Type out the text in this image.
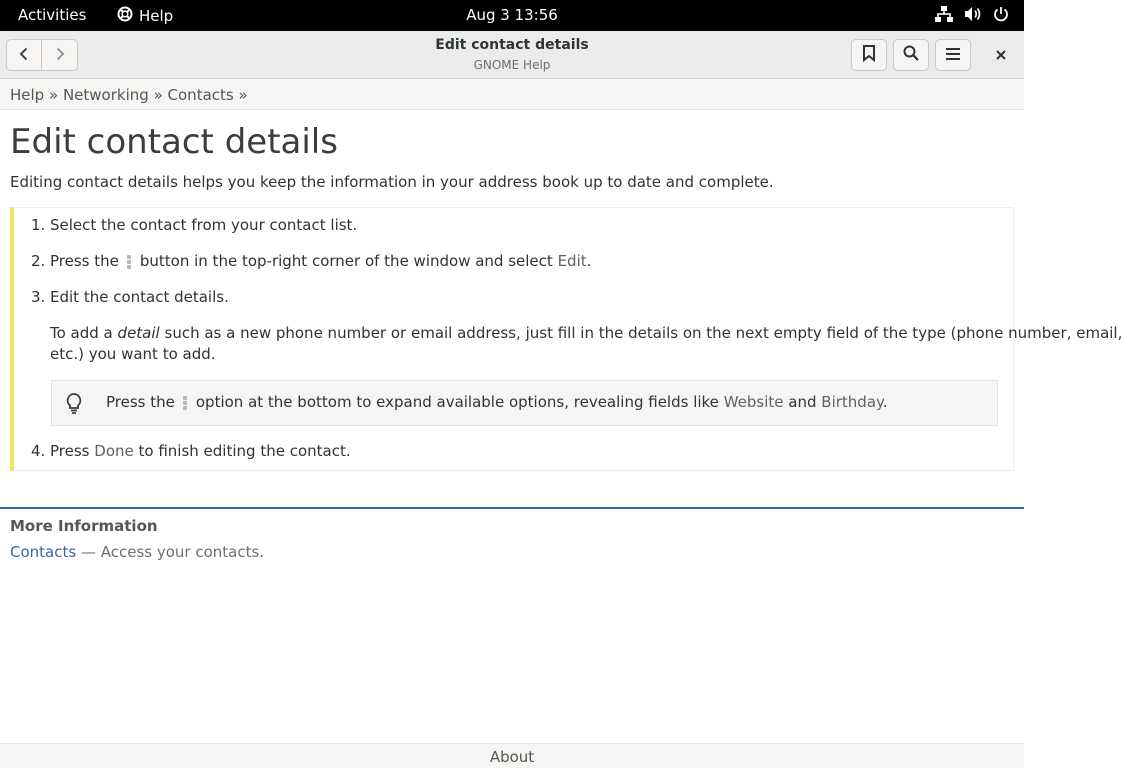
Activities	Help	Aug 3 13:56
Edit contact details
GNOME Help
Help » Networking » Contacts »
Edit contact details
Editing contact details helps you keep the information in your address book up to date and complete.
1. Select the contact from your contact list.
2. Press the button in the top-right corner of the window and select Edit.
3. Edit the contact details.
To add a detail such as a new phone number or email address, just fill in the details on the next empty field of the type (phone number, email,
etc.) you want to add.
Press the option at the bottom to expand available options, revealing fields like Website and Birthday.
4. Press Done to finish editing the contact.
More Information
Contacts — Access your contacts.
About
